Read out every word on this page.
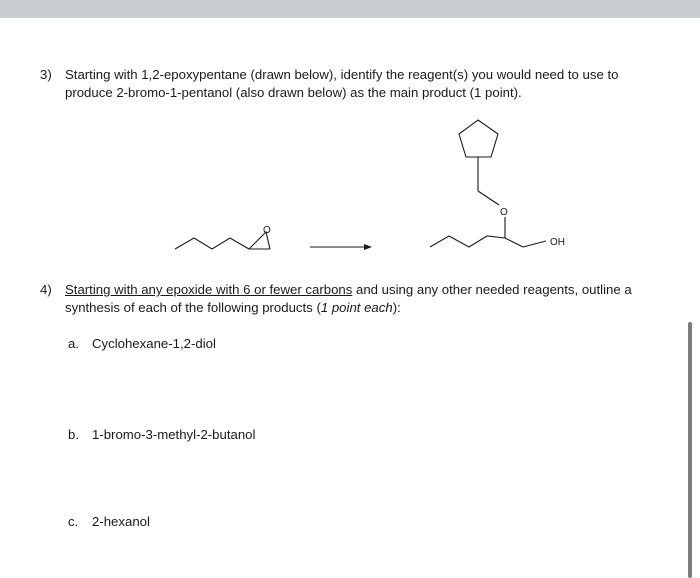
3) Starting with 1,2-epoxypentane (drawn below), identify the reagent(s) you would need to use to
produce 2-bromo-1-pentanol (also drawn below) as the main product (1 point).
O
O
OH
4) Starting with any epoxide with 6 or fewer carbons and using any other needed reagents, outline a
synthesis of each of the following products (1 point each):
a. Cyclohexane-1,2-diol
b. 1-bromo-3-methyl-2-butanol
c. 2-hexanol
